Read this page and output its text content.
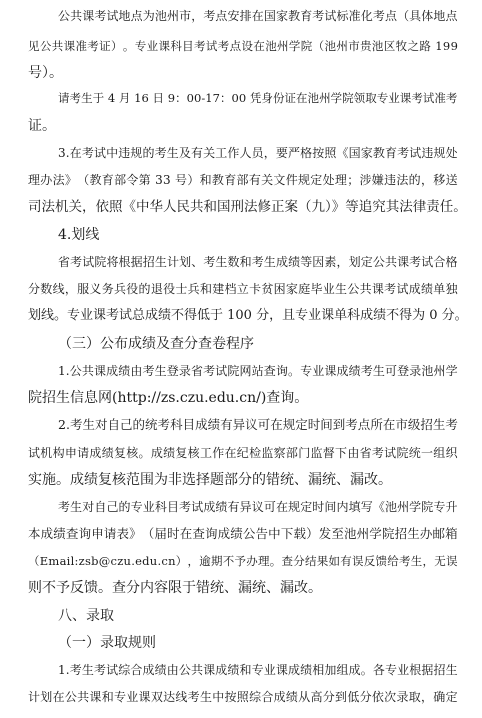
公 共 课 考 试 地 点 为 池 州 市 ， 考 点 安 排 在 国 家 教 育 考 试 标 准 化 考 点 （ 具 体 地 点
见 公 共 课 准 考 证 ） 。 专 业 课 科 目 考 试 考 点 设 在 池 州 学 院 （ 池 州 市 贵 池 区 牧 之 路
1 9 9
号）。
请 考 生 于
4
月
1 6
日
9 ： 0 0 - 1 7 ： 0 0
凭 身 份 证 在 池 州 学 院 领 取 专 业 课 考 试 准 考
证。
3 . 在 考 试 中 违 规 的 考 生 及 有 关 工 作 人 员 ， 要 严 格 按 照 《 国 家 教 育 考 试 违 规 处
理 办 法 》 （ 教 育 部 令 第
3 3
号 ） 和 教 育 部 有 关 文 件 规 定 处 理 ； 涉 嫌 违 法 的 ， 移 送
司法机关，依照《中华人民共和国刑法修正案（九）》等追究其法律责任。
4.划线
省 考 试 院 将 根 据 招 生 计 划 、 考 生 数 和 考 生 成 绩 等 因 素 ， 划 定 公 共 课 考 试 合 格
分 数 线 ， 服 义 务 兵 役 的 退 役 士 兵 和 建 档 立 卡 贫 困 家 庭 毕 业 生 公 共 课 考 试 成 绩 单 独
划线。专业课考试总成绩不得低于 100 分，且专业课单科成绩不得为 0 分。
（三）公布成绩及查分查卷程序
1 . 公 共 课 成 绩 由 考 生 登 录 省 考 试 院 网 站 查 询 。 专 业 课 成 绩 考 生 可 登 录 池 州 学
院招生信息网(http://zs.czu.edu.cn/)查询。
2 . 考 生 对 自 己 的 统 考 科 目 成 绩 有 异 议 可 在 规 定 时 间 到 考 点 所 在 市 级 招 生 考
试 机 构 申 请 成 绩 复 核 。 成 绩 复 核 工 作 在 纪 检 监 察 部 门 监 督 下 由 省 考 试 院 统 一 组 织
实施。成绩复核范围为非选择题部分的错统、漏统、漏改。
考 生 对 自 己 的 专 业 科 目 考 试 成 绩 有 异 议 可 在 规 定 时 间 内 填 写 《 池 州 学 院 专 升
本 成 绩 查 询 申 请 表 》 （ 届 时 在 查 询 成 绩 公 告 中 下 载 ） 发 至 池 州 学 院 招 生 办 邮 箱
（ E m a i l : z s b @ c z u . e d u . c n ） ， 逾 期 不 予 办 理 。 查 分 结 果 如 有 误 反 馈 给 考 生 ， 无 误
则不予反馈。查分内容限于错统、漏统、漏改。
八、录取
（一）录取规则
1 . 考 生 考 试 综 合 成 绩 由 公 共 课 成 绩 和 专 业 课 成 绩 相 加 组 成 。 各 专 业 根 据 招 生
计 划 在 公 共 课 和 专 业 课 双 达 线 考 生 中 按 照 综 合 成 绩 从 高 分 到 低 分 依 次 录 取 ， 确 定
